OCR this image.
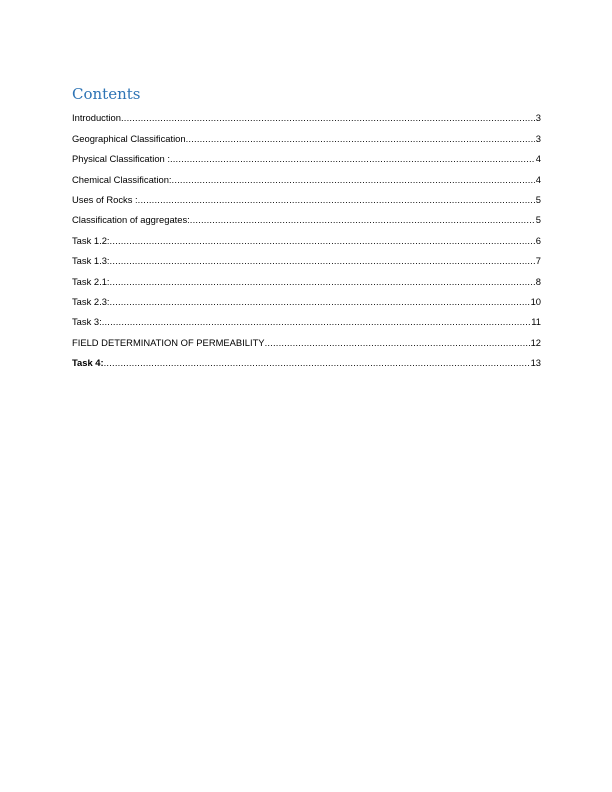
Contents
Introduction .....	3
Geographical Classification .....	3
Physical Classification : .....	4
Chemical Classification: .....	4
Uses of Rocks : .....	5
Classification of aggregates: .....	5
Task 1.2: .....	6
Task 1.3: .....	7
Task 2.1: .....	8
Task 2.3: .....	10
Task 3: .....	11
FIELD DETERMINATION OF PERMEABILITY .....	12
Task 4: .....	13
